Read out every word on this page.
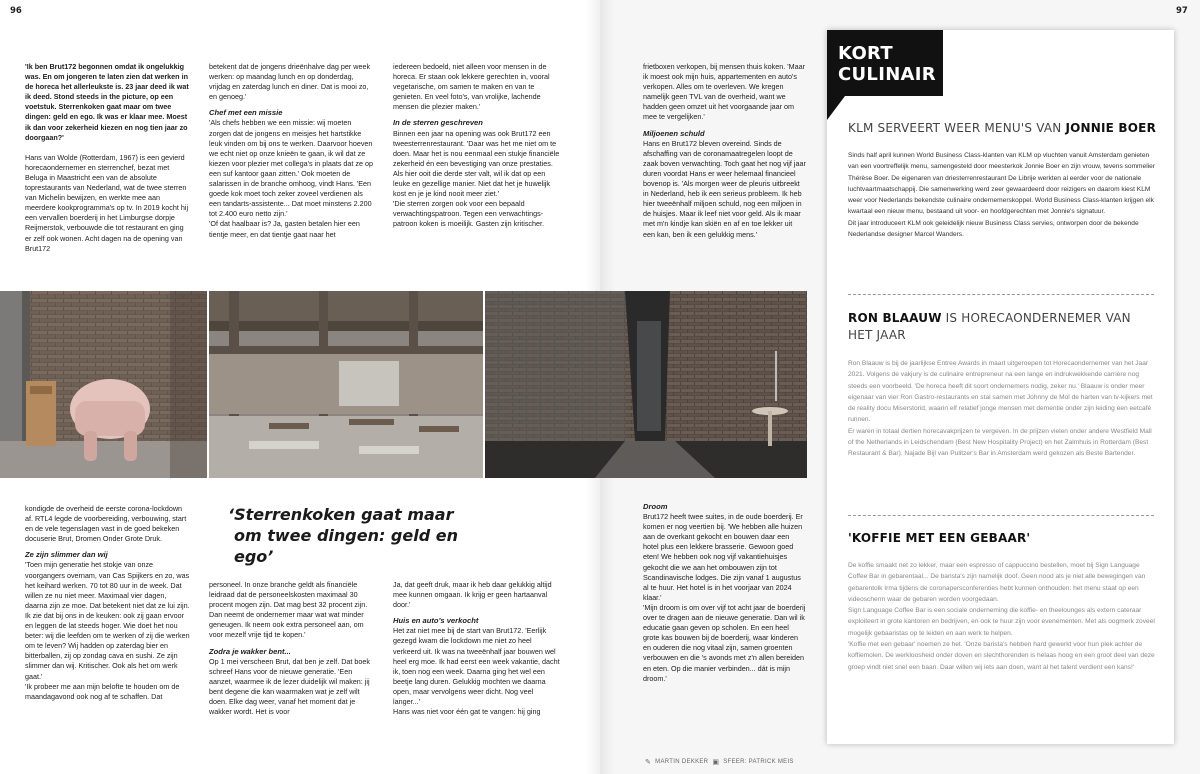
96	97

'Ik ben Brut172 begonnen omdat ik ongelukkig was. En om jongeren te laten zien dat werken in de horeca het allerleukste is. 23 jaar deed ik wat ik deed. Stond steeds in the picture, op een voetstuk. Sterrenkoken gaat maar om twee dingen: geld en ego. Ik was er klaar mee. Moest ik dan voor zekerheid kiezen en nog tien jaar zo doorgaan?'

Hans van Wolde (Rotterdam, 1967) is een gevierd horecaondernemer en sterrenchef, bezat met Beluga in Maastricht een van de absolute toprestaurants van Nederland, wat de twee sterren van Michelin bewijzen, en werkte mee aan meerdere kookprogramma's op tv. In 2019 kocht hij een vervallen boerderij in het Limburgse dorpje Reijmerstok, verbouwde die tot restaurant en ging er zelf ook wonen. Acht dagen na de opening van Brut172

betekent dat de jongens drieënhalve dag per week werken: op maandag lunch en op donderdag, vrijdag en zaterdag lunch en diner. Dat is mooi zo, en genoeg.'

Chef met een missie

'Als chefs hebben we een missie: wij moeten zorgen dat de jongens en meisjes het hartstikke leuk vinden om bij ons te werken. Daarvoor hoeven we echt niet op onze knieën te gaan, ik wil dat ze kiezen voor plezier met collega's in plaats dat ze op een suf kantoor gaan zitten.' Ook moeten de salarissen in de branche omhoog, vindt Hans. 'Een goede kok moet toch zeker zoveel verdienen als een tandarts-assistente... Dat moet minstens 2.200 tot 2.400 euro netto zijn.'

'Of dat haalbaar is? Ja, gasten betalen hier een tientje meer, en dat tientje gaat naar het

iedereen bedoeld, niet alleen voor mensen in de horeca. Er staan ook lekkere gerechten in, vooral vegetarische, om samen te maken en van te genieten. En veel foto's, van vrolijke, lachende mensen die plezier maken.'

In de sterren geschreven

Binnen een jaar na opening was ook Brut172 een tweesterrenrestaurant. 'Daar was het me niet om te doen. Maar het is nou eenmaal een stukje financiële zekerheid én een bevestiging van onze prestaties. Als hier ooit die derde ster valt, wil ik dat op een leuke en gezellige manier. Niet dat het je huwelijk kost en je je kind nooit meer ziet.'

'Die sterren zorgen ook voor een bepaald verwachtingspatroon. Tegen een verwachtings-patroon koken is moeilijk. Gasten zijn kritischer.

frietboxen verkopen, bij mensen thuis koken. 'Maar ik moest ook mijn huis, appartementen en auto's verkopen. Alles om te overleven. We kregen namelijk geen TVL van de overheid, want we hadden geen omzet uit het voorgaande jaar om mee te vergelijken.'

Miljoenen schuld

Hans en Brut172 bleven overeind. Sinds de afschaffing van de coronamaatregelen loopt de zaak boven verwachting. Toch gaat het nog vijf jaar duren voordat Hans er weer helemaal financieel bovenop is. 'Als morgen weer de pleuris uitbreekt in Nederland, heb ik een serieus probleem. Ik heb hier tweeënhalf miljoen schuld, nog een miljoen in de huisjes. Maar ik leef niet voor geld. Als ik maar met m'n kindje kan skiën en af en toe lekker uit een kan, ben ik een gelukkig mens.'

kondigde de overheid de eerste corona-lockdown af. RTL4 legde de voorbereiding, verbouwing, start en de vele tegenslagen vast in de goed bekeken docuserie Brut, Dromen Onder Grote Druk.

Ze zijn slimmer dan wij

'Toen mijn generatie het stokje van onze voorgangers overnam, van Cas Spijkers en zo, was het keihard werken. 70 tot 80 uur in de week. Dat willen ze nu niet meer. Maximaal vier dagen, daarna zijn ze moe. Dat betekent niet dat ze lui zijn. Ik zie dat bij ons in de keuken: ook zij gaan ervoor en leggen de lat steeds hoger. Wie doet het nou beter: wij die leefden om te werken of zij die werken om te leven? Wij hadden op zaterdag bier en bitterballen, zij op zondag cava en sushi. Ze zijn slimmer dan wij. Kritischer. Ook als het om werk gaat.'

'Ik probeer me aan mijn belofte te houden om de maandagavond ook nog af te schaffen. Dat

‘Sterrenkoken gaat maar

om twee dingen: geld en ego’

personeel. In onze branche geldt als financiële leidraad dat de personeelskosten maximaal 30 procent mogen zijn. Dat mag best 32 procent zijn. Dan neemt de ondernemer maar wat wat minder geneugen. Ik neem ook extra personeel aan, om voor mezelf vrije tijd te kopen.'

Zodra je wakker bent...

Op 1 mei verscheen Brut, dat ben je zelf. Dat boek schreef Hans voor de nieuwe generatie. 'Een aanzet, waarmee ik de lezer duidelijk wil maken: jij bent degene die kan waarmaken wat je zelf wilt doen. Elke dag weer, vanaf het moment dat je wakker wordt. Het is voor

Ja, dat geeft druk, maar ik heb daar gelukkig altijd mee kunnen omgaan. Ik krijg er geen hartaanval door.'

Huis en auto's verkocht

Het zat niet mee bij de start van Brut172. 'Eerlijk gezegd kwam die lockdown me niet zo heel verkeerd uit. Ik was na tweeënhalf jaar bouwen wel heel erg moe. Ik had eerst een week vakantie, dacht ik, toen nog een week. Daarna ging het wel een beetje lang duren. Gelukkig mochten we daarna open, maar vervolgens weer dicht. Nog veel langer...'

Hans was niet voor één gat te vangen: hij ging

Droom

Brut172 heeft twee suites, in de oude boerderij. Er komen er nog veertien bij. 'We hebben alle huizen aan de overkant gekocht en bouwen daar een hotel plus een lekkere brasserie. Gewoon goed eten! We hebben ook nog vijf vakantiehuisjes gekocht die we aan het ombouwen zijn tot Scandinavische lodges. Die zijn vanaf 1 augustus al te huur. Het hotel is in het voorjaar van 2024 klaar.'

'Mijn droom is om over vijf tot acht jaar de boerderij over te dragen aan de nieuwe generatie. Dan wil ik educatie gaan geven op scholen. En een heel grote kas bouwen bij de boerderij, waar kinderen en ouderen die nog vitaal zijn, samen groenten verbouwen en die 's avonds met z'n allen bereiden en eten. Op die manier verbinden... dát is mijn droom.'

✎ MARTIN DEKKER ▣ SFEER: PATRICK MEIS
KORT
CULINAIR
KLM SERVEERT WEER MENU'S VAN JONNIE BOER

Sinds half april kunnen World Business Class-klanten van KLM op vluchten vanuit Amsterdam genieten van een voortreffelijk menu, samengesteld door meesterkok Jonnie Boer en zijn vrouw, tevens sommelier Thérèse Boer. De eigenaren van driesterrenrestaurant De Librije werkten al eerder voor de nationale luchtvaartmaatschappij. Die samenwerking werd zeer gewaardeerd door reizigers en daarom kiest KLM weer voor Nederlands bekendste culinaire ondernemerskoppel. World Business Class-klanten krijgen elk kwartaal een nieuw menu, bestaand uit voor- en hoofdgerechten met Jonnie's signatuur.

Dit jaar introduceert KLM ook geleidelijk nieuw Business Class servies, ontworpen door de bekende Nederlandse designer Marcel Wanders.

RON BLAAUW IS HORECAONDERNEMER VAN HET JAAR

Ron Blaauw is bij de jaarlijkse Entree Awards in maart uitgeroepen tot Horecaondernemer van het Jaar 2021. Volgens de vakjury is de culinaire entrepreneur na een lange en indrukwekkende carrière nog steeds een voorbeeld. 'De horeca heeft dit soort ondernemers nodig, zeker nu.' Blaauw is onder meer eigenaar van vier Ron Gastro-restaurants en stal samen met Johnny de Mol de harten van tv-kijkers met de reality docu Miserstorid, waarin elf relatief jonge mensen met dementie onder zijn leiding een eetcafé runnen.

Er waren in totaal dertien horecavakprijzen te vergeven. In de prijzen vielen onder andere Westfield Mall of the Netherlands in Leidschendam (Best New Hospitality Project) en het Zalmhuis in Rotterdam (Best Restaurant & Bar). Najade Bijl van Pulitzer's Bar in Amsterdam werd gekozen als Beste Bartender.

'KOFFIE MET EEN GEBAAR'

De koffie smaakt net zo lekker, maar een espresso of cappuccino bestellen, moet bij Sign Language Coffee Bar in gebarentaal... De barista's zijn namelijk doof. Geen nood als je niet alle bewegingen van gebarentolk Irma tijdens de coronapersconferenties hebt kunnen onthouden: het menu staat op een videoscherm waar de gebaren worden voorgedaan.

Sign Language Coffee Bar is een sociale onderneming die koffie- en theelounges als extern cateraar exploiteert in grote kantoren en bedrijven, en ook te huur zijn voor evenementen. Met als oogmerk zoveel mogelijk gebaaristas op te leiden en aan werk te helpen.

'Koffie met een gebaar' noemen ze het. 'Onze barista's hebben hard gewerkt voor hun plek achter de koffiemolen. De werkloosheid onder doven en slechthorenden is helaas hoog en een groot deel van deze groep vindt niet snel een baan. Daar willen wij iets aan doen, want al het talent verdient een kans!'
